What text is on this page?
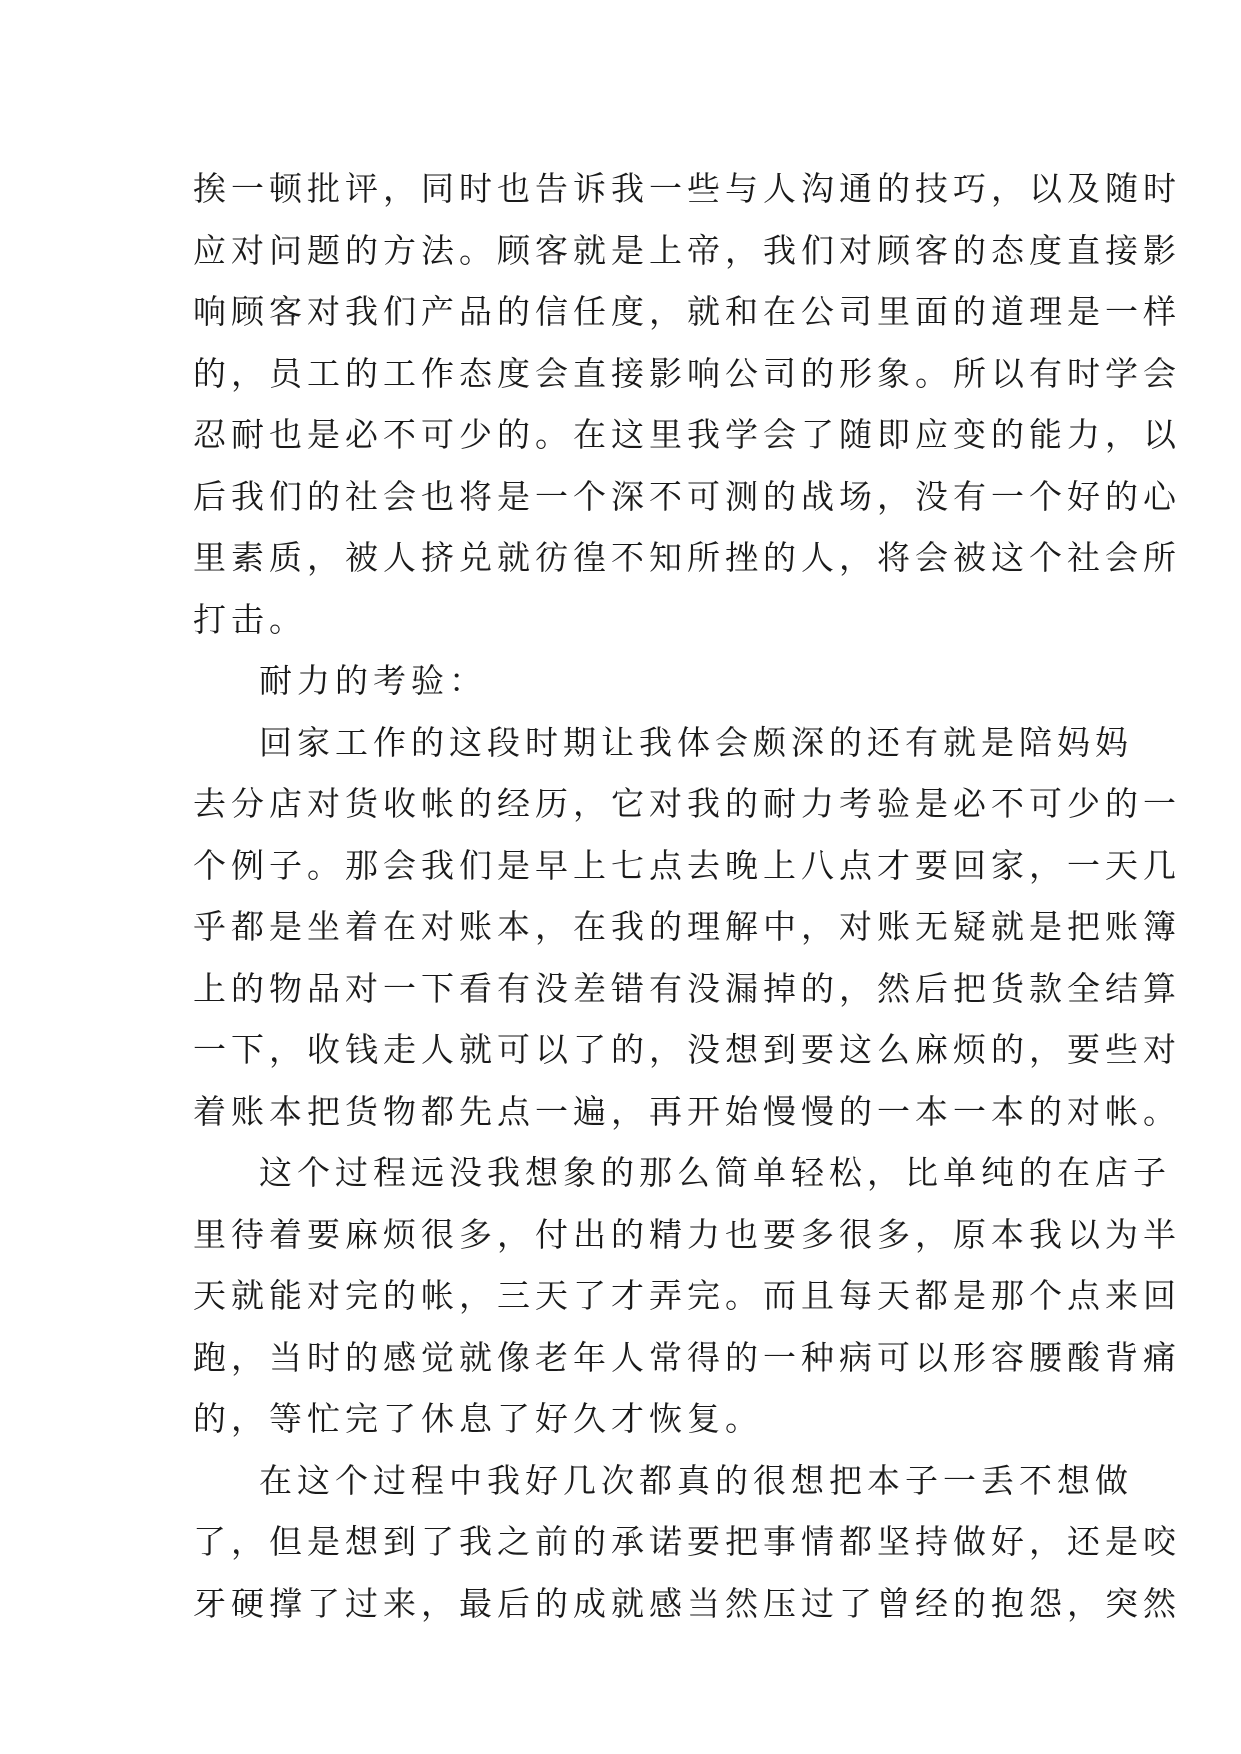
挨一顿批评，同时也告诉我一些与人沟通的技巧，以及随时
应对问题的方法。顾客就是上帝，我们对顾客的态度直接影
响顾客对我们产品的信任度，就和在公司里面的道理是一样
的，员工的工作态度会直接影响公司的形象。所以有时学会
忍耐也是必不可少的。在这里我学会了随即应变的能力，以
后我们的社会也将是一个深不可测的战场，没有一个好的心
里素质，被人挤兑就彷徨不知所挫的人，将会被这个社会所
打击。
耐力的考验：
回家工作的这段时期让我体会颇深的还有就是陪妈妈
去分店对货收帐的经历，它对我的耐力考验是必不可少的一
个例子。那会我们是早上七点去晚上八点才要回家，一天几
乎都是坐着在对账本，在我的理解中，对账无疑就是把账簿
上的物品对一下看有没差错有没漏掉的，然后把货款全结算
一下，收钱走人就可以了的，没想到要这么麻烦的，要些对
着账本把货物都先点一遍，再开始慢慢的一本一本的对帐。
这个过程远没我想象的那么简单轻松，比单纯的在店子
里待着要麻烦很多，付出的精力也要多很多，原本我以为半
天就能对完的帐，三天了才弄完。而且每天都是那个点来回
跑，当时的感觉就像老年人常得的一种病可以形容腰酸背痛
的，等忙完了休息了好久才恢复。
在这个过程中我好几次都真的很想把本子一丢不想做
了，但是想到了我之前的承诺要把事情都坚持做好，还是咬
牙硬撑了过来，最后的成就感当然压过了曾经的抱怨，突然
